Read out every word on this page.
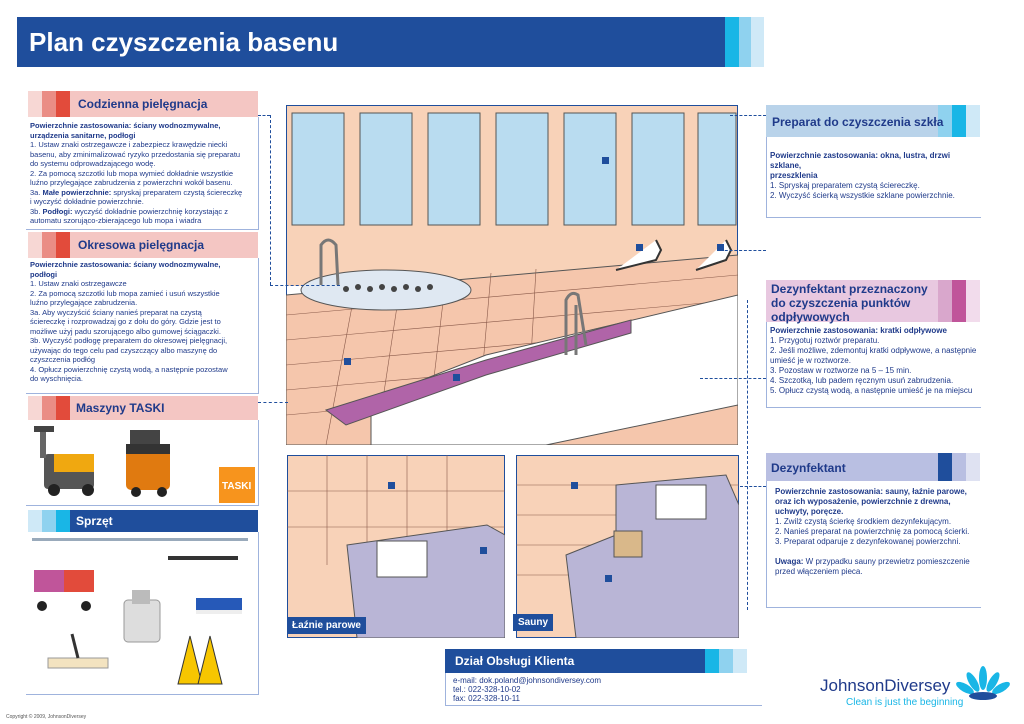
Plan czyszczenia basenu
Codzienna pielęgnacja

Powierzchnie zastosowania: ściany wodnozmywalne,

urządzenia sanitarne, podłogi

1. Ustaw znaki ostrzegawcze i zabezpiecz krawędzie niecki

basenu, aby zminimalizować ryzyko przedostania się preparatu

do systemu odprowadzającego wodę.

2. Za pomocą szczotki lub mopa wymieć dokładnie wszystkie

luźno przylegające zabrudzenia z powierzchni wokół basenu.

3a. Małe powierzchnie: spryskaj preparatem czystą ściereczkę

i wyczyść dokładnie powierzchnie.

3b. Podłogi: wyczyść dokładnie powierzchnię korzystając z

automatu szorująco-zbierającego lub mopa i wiadra

Okresowa pielęgnacja

Powierzchnie zastosowania: ściany wodnozmywalne,

podłogi

1. Ustaw znaki ostrzegawcze

2. Za pomocą szczotki lub mopa zamieć i usuń wszystkie

luźno przylegające zabrudzenia.

3a. Aby wyczyścić ściany nanieś preparat na czystą

ściereczkę i rozprowadzaj go z dołu do góry. Gdzie jest to

możliwe użyj padu szorującego albo gumowej ściągaczki.

3b. Wyczyść podłogę preparatem do okresowej pielęgnacji,

używając do tego celu pad czyszczący albo maszynę do

czyszczenia podłóg

4. Opłucz powierzchnię czystą wodą, a następnie pozostaw

do wyschnięcia.

Maszyny TASKI
TASKI
Sprzęt
Łaźnie parowe	Sauny
Preparat do czyszczenia szkła

Powierzchnie zastosowania: okna, lustra, drzwi szklane,

przeszklenia

1. Spryskaj preparatem czystą ściereczkę.

2. Wyczyść ścierką wszystkie szklane powierzchnie.

Dezynfektant przeznaczony
do czyszczenia punktów
odpływowych

Powierzchnie zastosowania: kratki odpływowe

1. Przygotuj roztwór preparatu.

2. Jeśli możliwe, zdemontuj kratki odpływowe, a następnie

umieść je w roztworze.

3. Pozostaw w roztworze na 5 – 15 min.

4. Szczotką, lub padem ręcznym usuń zabrudzenia.

5. Opłucz czystą wodą, a następnie umieść je na miejscu

Dezynfektant

Powierzchnie zastosowania: sauny, łaźnie parowe,

oraz ich wyposażenie, powierzchnie z drewna,

uchwyty, poręcze.

1. Zwilż czystą ścierkę środkiem dezynfekującym.

2. Nanieś preparat na powierzchnię za pomocą ścierki.

3. Preparat odparuje z dezynfekowanej powierzchni.

Uwaga: W przypadku sauny przewietrz pomieszczenie

przed włączeniem pieca.

Dział Obsługi Klienta

e-mail: dok.poland@johnsondiversey.com

tel.: 022-328-10-02

fax: 022-328-10-11

JohnsonDiversey
Clean is just the beginning
Copyright © 2009, JohnsonDiversey
